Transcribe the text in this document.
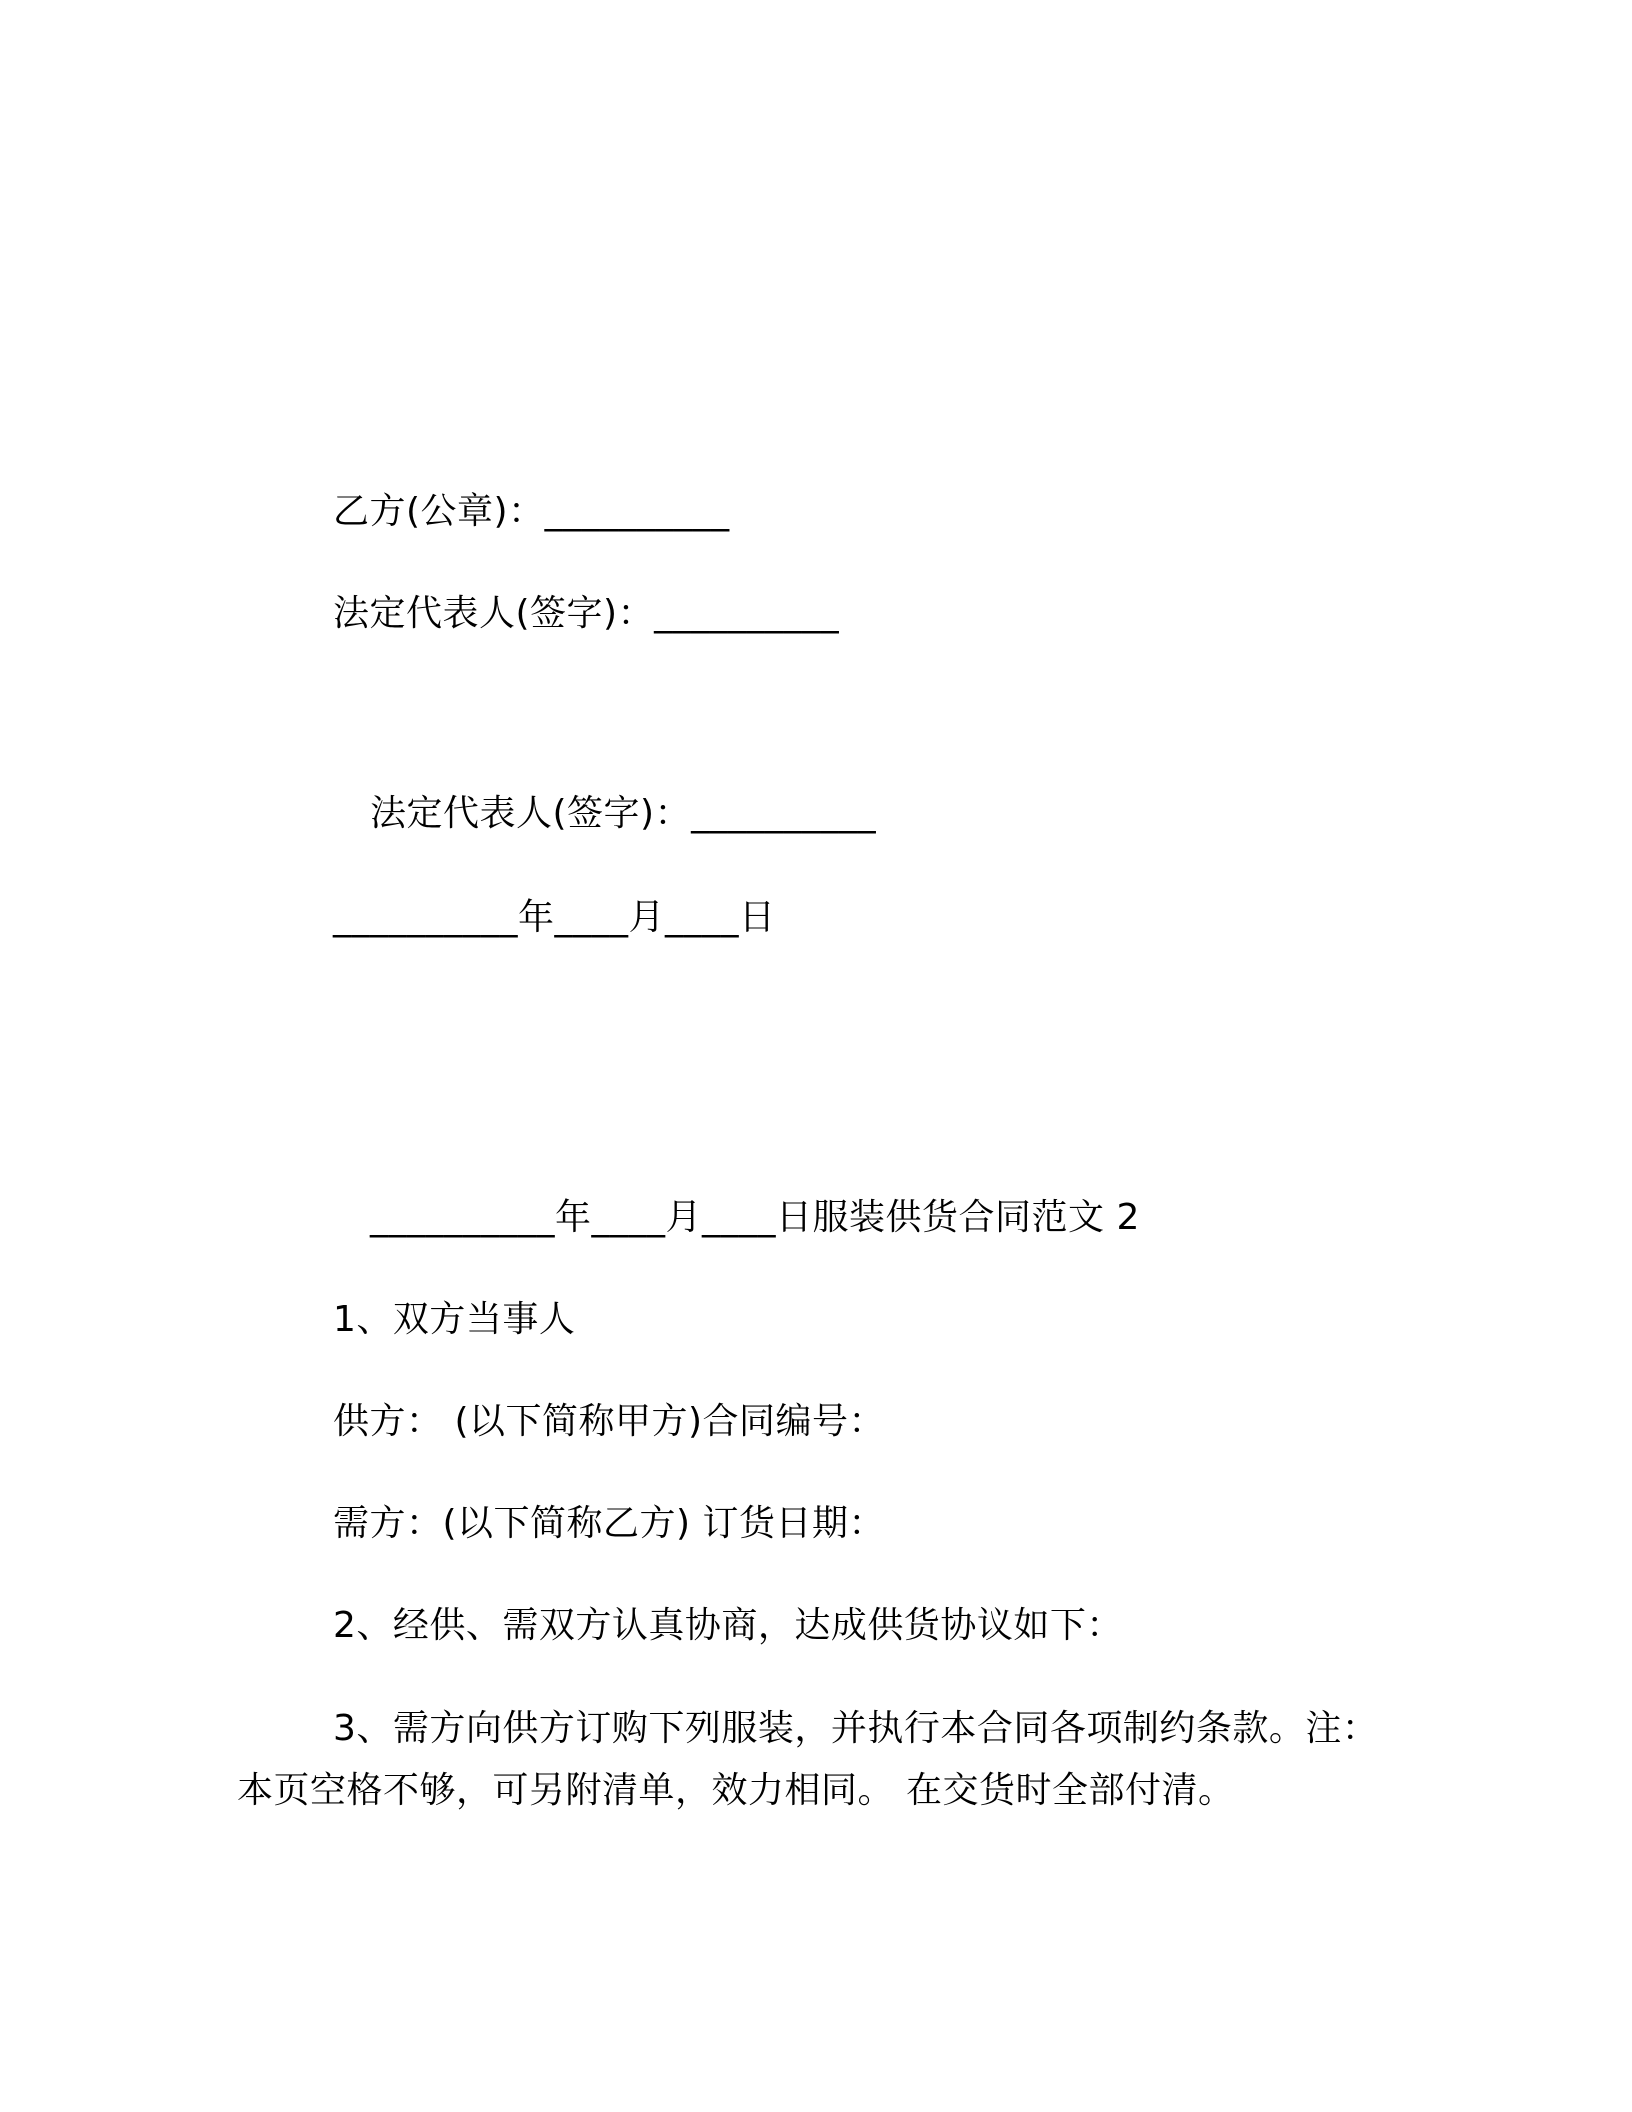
乙方(公章)：__________
法定代表人(签字)：__________
法定代表人(签字)：__________
__________年____月____日
__________年____月____日服装供货合同范文 2
1、双方当事人
供方： (以下简称甲方)合同编号：
需方：(以下简称乙方) 订货日期：
2、经供、需双方认真协商，达成供货协议如下：
3、需方向供方订购下列服装，并执行本合同各项制约条款。注：本页空格不够，可另附清单，效力相同。 在交货时全部付清。
